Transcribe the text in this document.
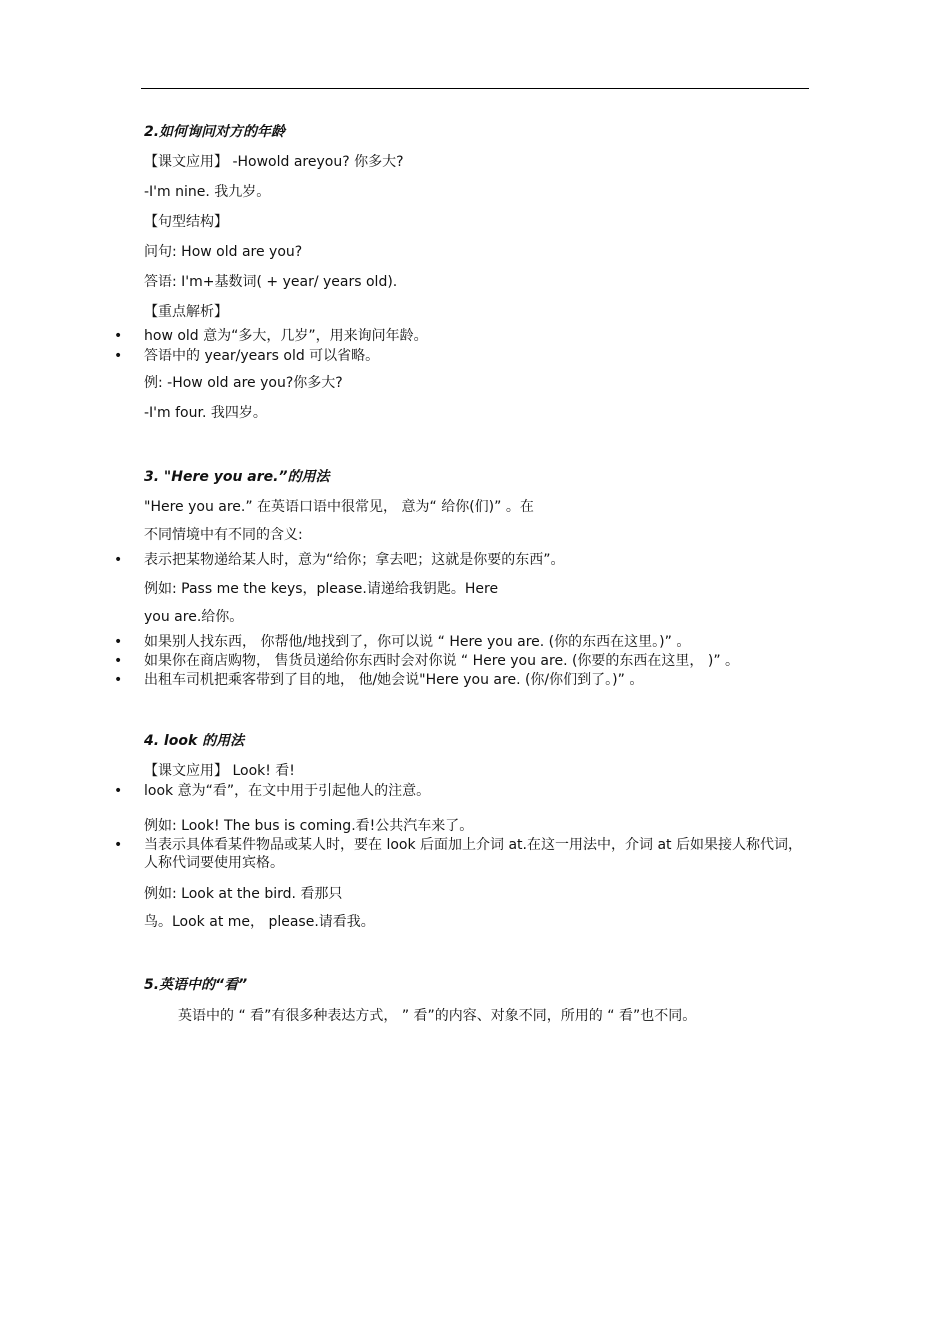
2.如何询问对方的年龄
【课文应用】 -Howold areyou? 你多大?
-I'm nine. 我九岁。
【句型结构】
问句: How old are you?
答语: I'm+基数词( + year/ years old).
【重点解析】
• how old 意为“多大，几岁”，用来询问年龄。
• 答语中的 year/years old 可以省略。
例: -How old are you?你多大?
-I'm four. 我四岁。
3. "Here you are.”的用法
"Here you are.” 在英语口语中很常见， 意为“ 给你(们)” 。在
不同情境中有不同的含义:
• 表示把某物递给某人时，意为“给你；拿去吧；这就是你要的东西”。
例如: Pass me the keys，please.请递给我钥匙。Here
you are.给你。
• 如果别人找东西， 你帮他/地找到了，你可以说 “ Here you are. (你的东西在这里。)” 。
• 如果你在商店购物， 售货员递给你东西时会对你说 “ Here you are. (你要的东西在这里， )” 。
• 出租车司机把乘客带到了目的地， 他/她会说"Here you are. (你/你们到了。)” 。
4. look 的用法
【课文应用】 Look! 看!
• look 意为“看”，在文中用于引起他人的注意。
例如: Look! The bus is coming.看!公共汽车来了。
• 当表示具体看某件物品或某人时，要在 look 后面加上介词 at.在这一用法中，介词 at 后如果接人称代词，人称代词要使用宾格。
例如: Look at the bird. 看那只
鸟。Look at me， please.请看我。
5.英语中的“看”
英语中的 “ 看”有很多种表达方式， ” 看”的内容、对象不同，所用的 “ 看”也不同。
